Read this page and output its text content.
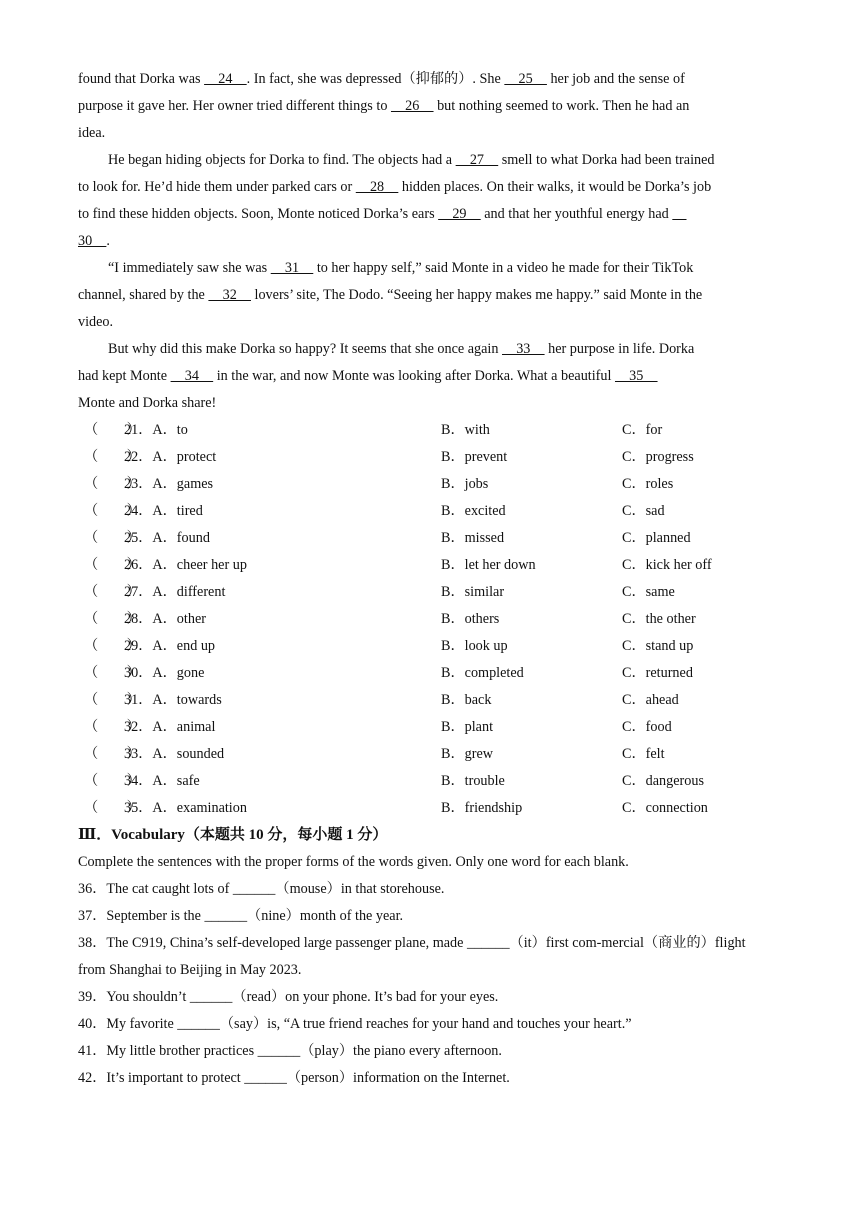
found that Dorka was     24    . In fact, she was depressed（抑郁的）. She     25     her job and the sense of
purpose it gave her. Her owner tried different things to     26     but nothing seemed to work. Then he had an
idea.
He began hiding objects for Dorka to find. The objects had a     27     smell to what Dorka had been trained
to look for. He’d hide them under parked cars or     28     hidden places. On their walks, it would be Dorka’s job
to find these hidden objects. Soon, Monte noticed Dorka’s ears     29     and that her youthful energy had
30    .
“I immediately saw she was     31     to her happy self,” said Monte in a video he made for their TikTok
channel, shared by the     32     lovers’ site, The Dodo. “Seeing her happy makes me happy.” said Monte in the
video.
But why did this make Dorka so happy? It seems that she once again     33     her purpose in life. Dorka
had kept Monte     34     in the war, and now Monte was looking after Dorka. What a beautiful     35
Monte and Dorka share!
（　　）
21．A．to	B．with	C．for
（　　）
22．A．protect	B．prevent	C．progress
（　　）
23．A．games	B．jobs	C．roles
（　　）
24．A．tired	B．excited	C．sad
（　　）
25．A．found	B．missed	C．planned
（　　）
26．A．cheer her up	B．let her down	C．kick her off
（　　）
27．A．different	B．similar	C．same
（　　）
28．A．other	B．others	C．the other
（　　）
29．A．end up	B．look up	C．stand up
（　　）
30．A．gone	B．completed	C．returned
（　　）
31．A．towards	B．back	C．ahead
（　　）
32．A．animal	B．plant	C．food
（　　）
33．A．sounded	B．grew	C．felt
（　　）
34．A．safe	B．trouble	C．dangerous
（　　）
35．A．examination	B．friendship	C．connection
Ⅲ．Vocabulary（本题共 10 分，每小题 1 分）
Complete the sentences with the proper forms of the words given. Only one word for each blank.
36．The cat caught lots of ______（mouse）in that storehouse.
37．September is the ______（nine）month of the year.
38．The C919, China’s self-developed large passenger plane, made ______（it）first com-mercial（商业的）flight
from Shanghai to Beijing in May 2023.
39．You shouldn’t ______（read）on your phone. It’s bad for your eyes.
40．My favorite ______（say）is, “A true friend reaches for your hand and touches your heart.”
41．My little brother practices ______（play）the piano every afternoon.
42．It’s important to protect ______（person）information on the Internet.
